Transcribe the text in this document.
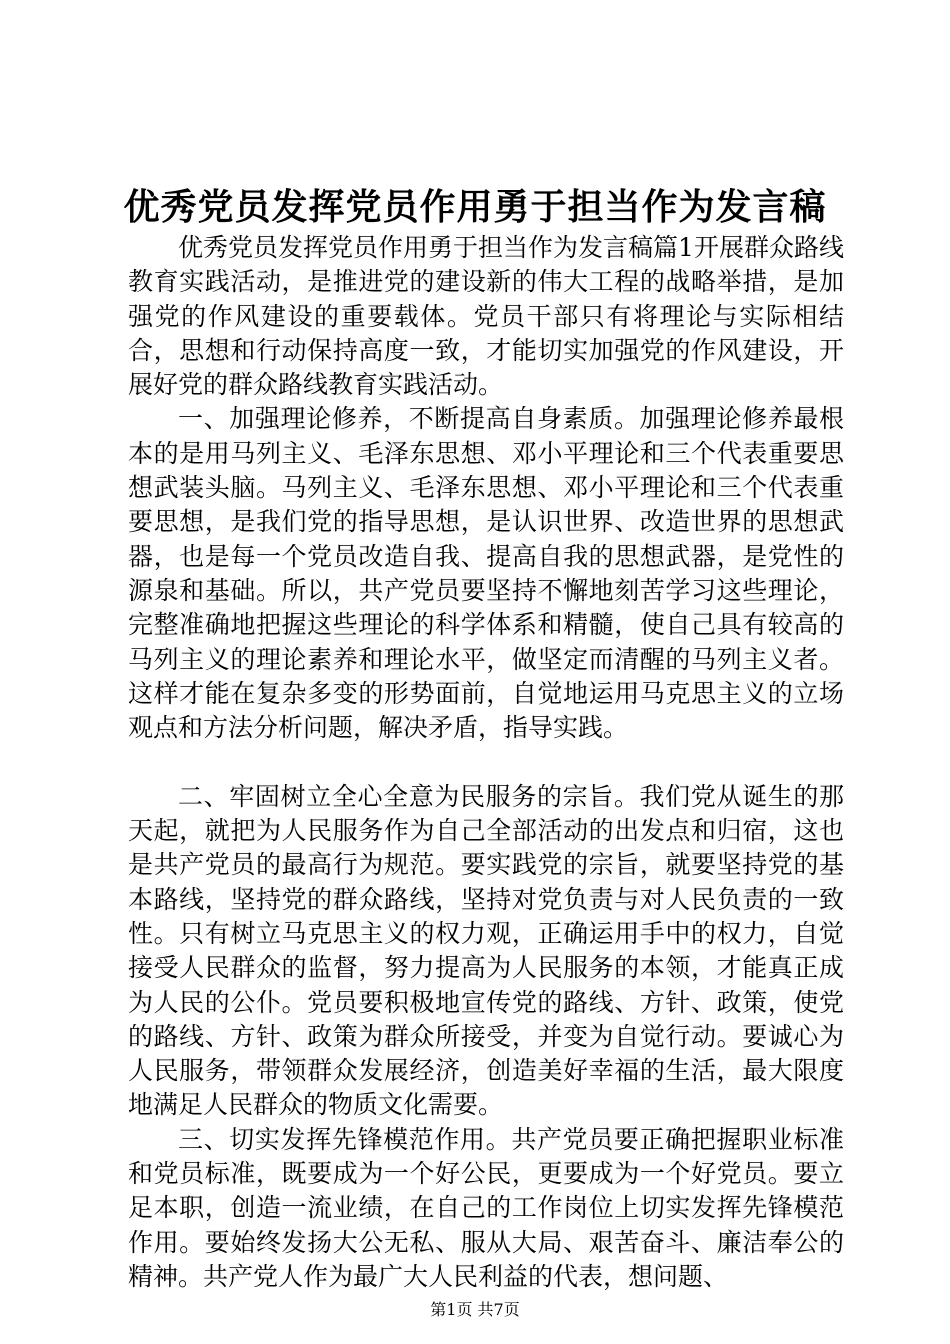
优秀党员发挥党员作用勇于担当作为发言稿

优秀党员发挥党员作用勇于担当作为发言稿篇1开展群众路线教育实践活动，是推进党的建设新的伟大工程的战略举措，是加强党的作风建设的重要载体。党员干部只有将理论与实际相结合，思想和行动保持高度一致，才能切实加强党的作风建设，开展好党的群众路线教育实践活动。

一、加强理论修养，不断提高自身素质。加强理论修养最根本的是用马列主义、毛泽东思想、邓小平理论和三个代表重要思想武装头脑。马列主义、毛泽东思想、邓小平理论和三个代表重要思想，是我们党的指导思想，是认识世界、改造世界的思想武器，也是每一个党员改造自我、提高自我的思想武器，是党性的源泉和基础。所以，共产党员要坚持不懈地刻苦学习这些理论，完整准确地把握这些理论的科学体系和精髓，使自己具有较高的马列主义的理论素养和理论水平，做坚定而清醒的马列主义者。这样才能在复杂多变的形势面前，自觉地运用马克思主义的立场观点和方法分析问题，解决矛盾，指导实践。

二、牢固树立全心全意为民服务的宗旨。我们党从诞生的那天起，就把为人民服务作为自己全部活动的出发点和归宿，这也是共产党员的最高行为规范。要实践党的宗旨，就要坚持党的基本路线，坚持党的群众路线，坚持对党负责与对人民负责的一致性。只有树立马克思主义的权力观，正确运用手中的权力，自觉接受人民群众的监督，努力提高为人民服务的本领，才能真正成为人民的公仆。党员要积极地宣传党的路线、方针、政策，使党的路线、方针、政策为群众所接受，并变为自觉行动。要诚心为人民服务，带领群众发展经济，创造美好幸福的生活，最大限度地满足人民群众的物质文化需要。

三、切实发挥先锋模范作用。共产党员要正确把握职业标准和党员标准，既要成为一个好公民，更要成为一个好党员。要立足本职，创造一流业绩，在自己的工作岗位上切实发挥先锋模范作用。要始终发扬大公无私、服从大局、艰苦奋斗、廉洁奉公的精神。共产党人作为最广大人民利益的代表，想问题、

第1页 共7页
